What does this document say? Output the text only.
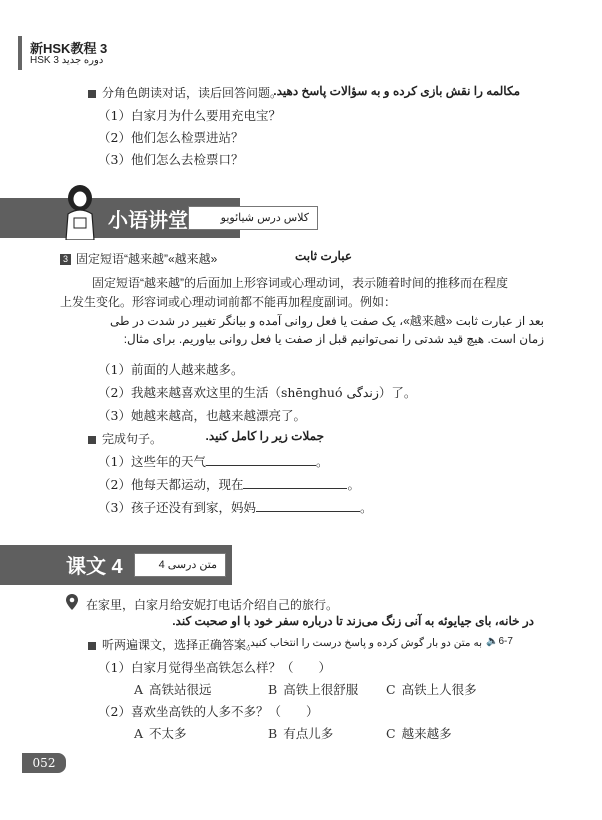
新HSK教程 3
HSK 3 دوره جدید
分角色朗读对话，读后回答问题。
مکالمه را نقش بازی کرده و به سؤالات پاسخ دهید.
（1）白家月为什么要用充电宝？
（2）他们怎么检票进站？
（3）他们怎么去检票口？
小语讲堂	کلاس درس شیائویو
3 固定短语“越来越”«越来越»	عبارت ثابت
固定短语“越来越”的后面加上形容词或心理动词，表示随着时间的推移而在程度
上发生变化。形容词或心理动词前都不能再加程度副词。例如：
بعد از عبارت ثابت «越来越»، یک صفت یا فعل روانی آمده و بیانگر تغییر در شدت در طی
زمان است. هیچ قید شدتی را نمی‌توانیم قبل از صفت یا فعل روانی بیاوریم. برای مثال:
（1）前面的人越来越多。
（2）我越来越喜欢这里的生活（shēnghuó زندگی）了。
（3）她越来越高，也越来越漂亮了。
完成句子。	جملات زیر را کامل کنید.
（1）这些年的天气	。
（2）他每天都运动，现在	。
（3）孩子还没有到家，妈妈	。
课文 4	متن درسی 4
在家里，白家月给安妮打电话介绍自己的旅行。
در خانه، بای جیایوئه به آنی زنگ می‌زند تا درباره سفر خود با او صحبت کند.
听两遍课文，选择正确答案。
به متن دو بار گوش کرده و پاسخ درست را انتخاب کنید. 🔈6-7
（1）白家月觉得坐高铁怎么样？（　　）
A 高铁站很远	B 高铁上很舒服 C 高铁上人很多
（2）喜欢坐高铁的人多不多？（　　）
A 不太多	B 有点儿多	C 越来越多
052
